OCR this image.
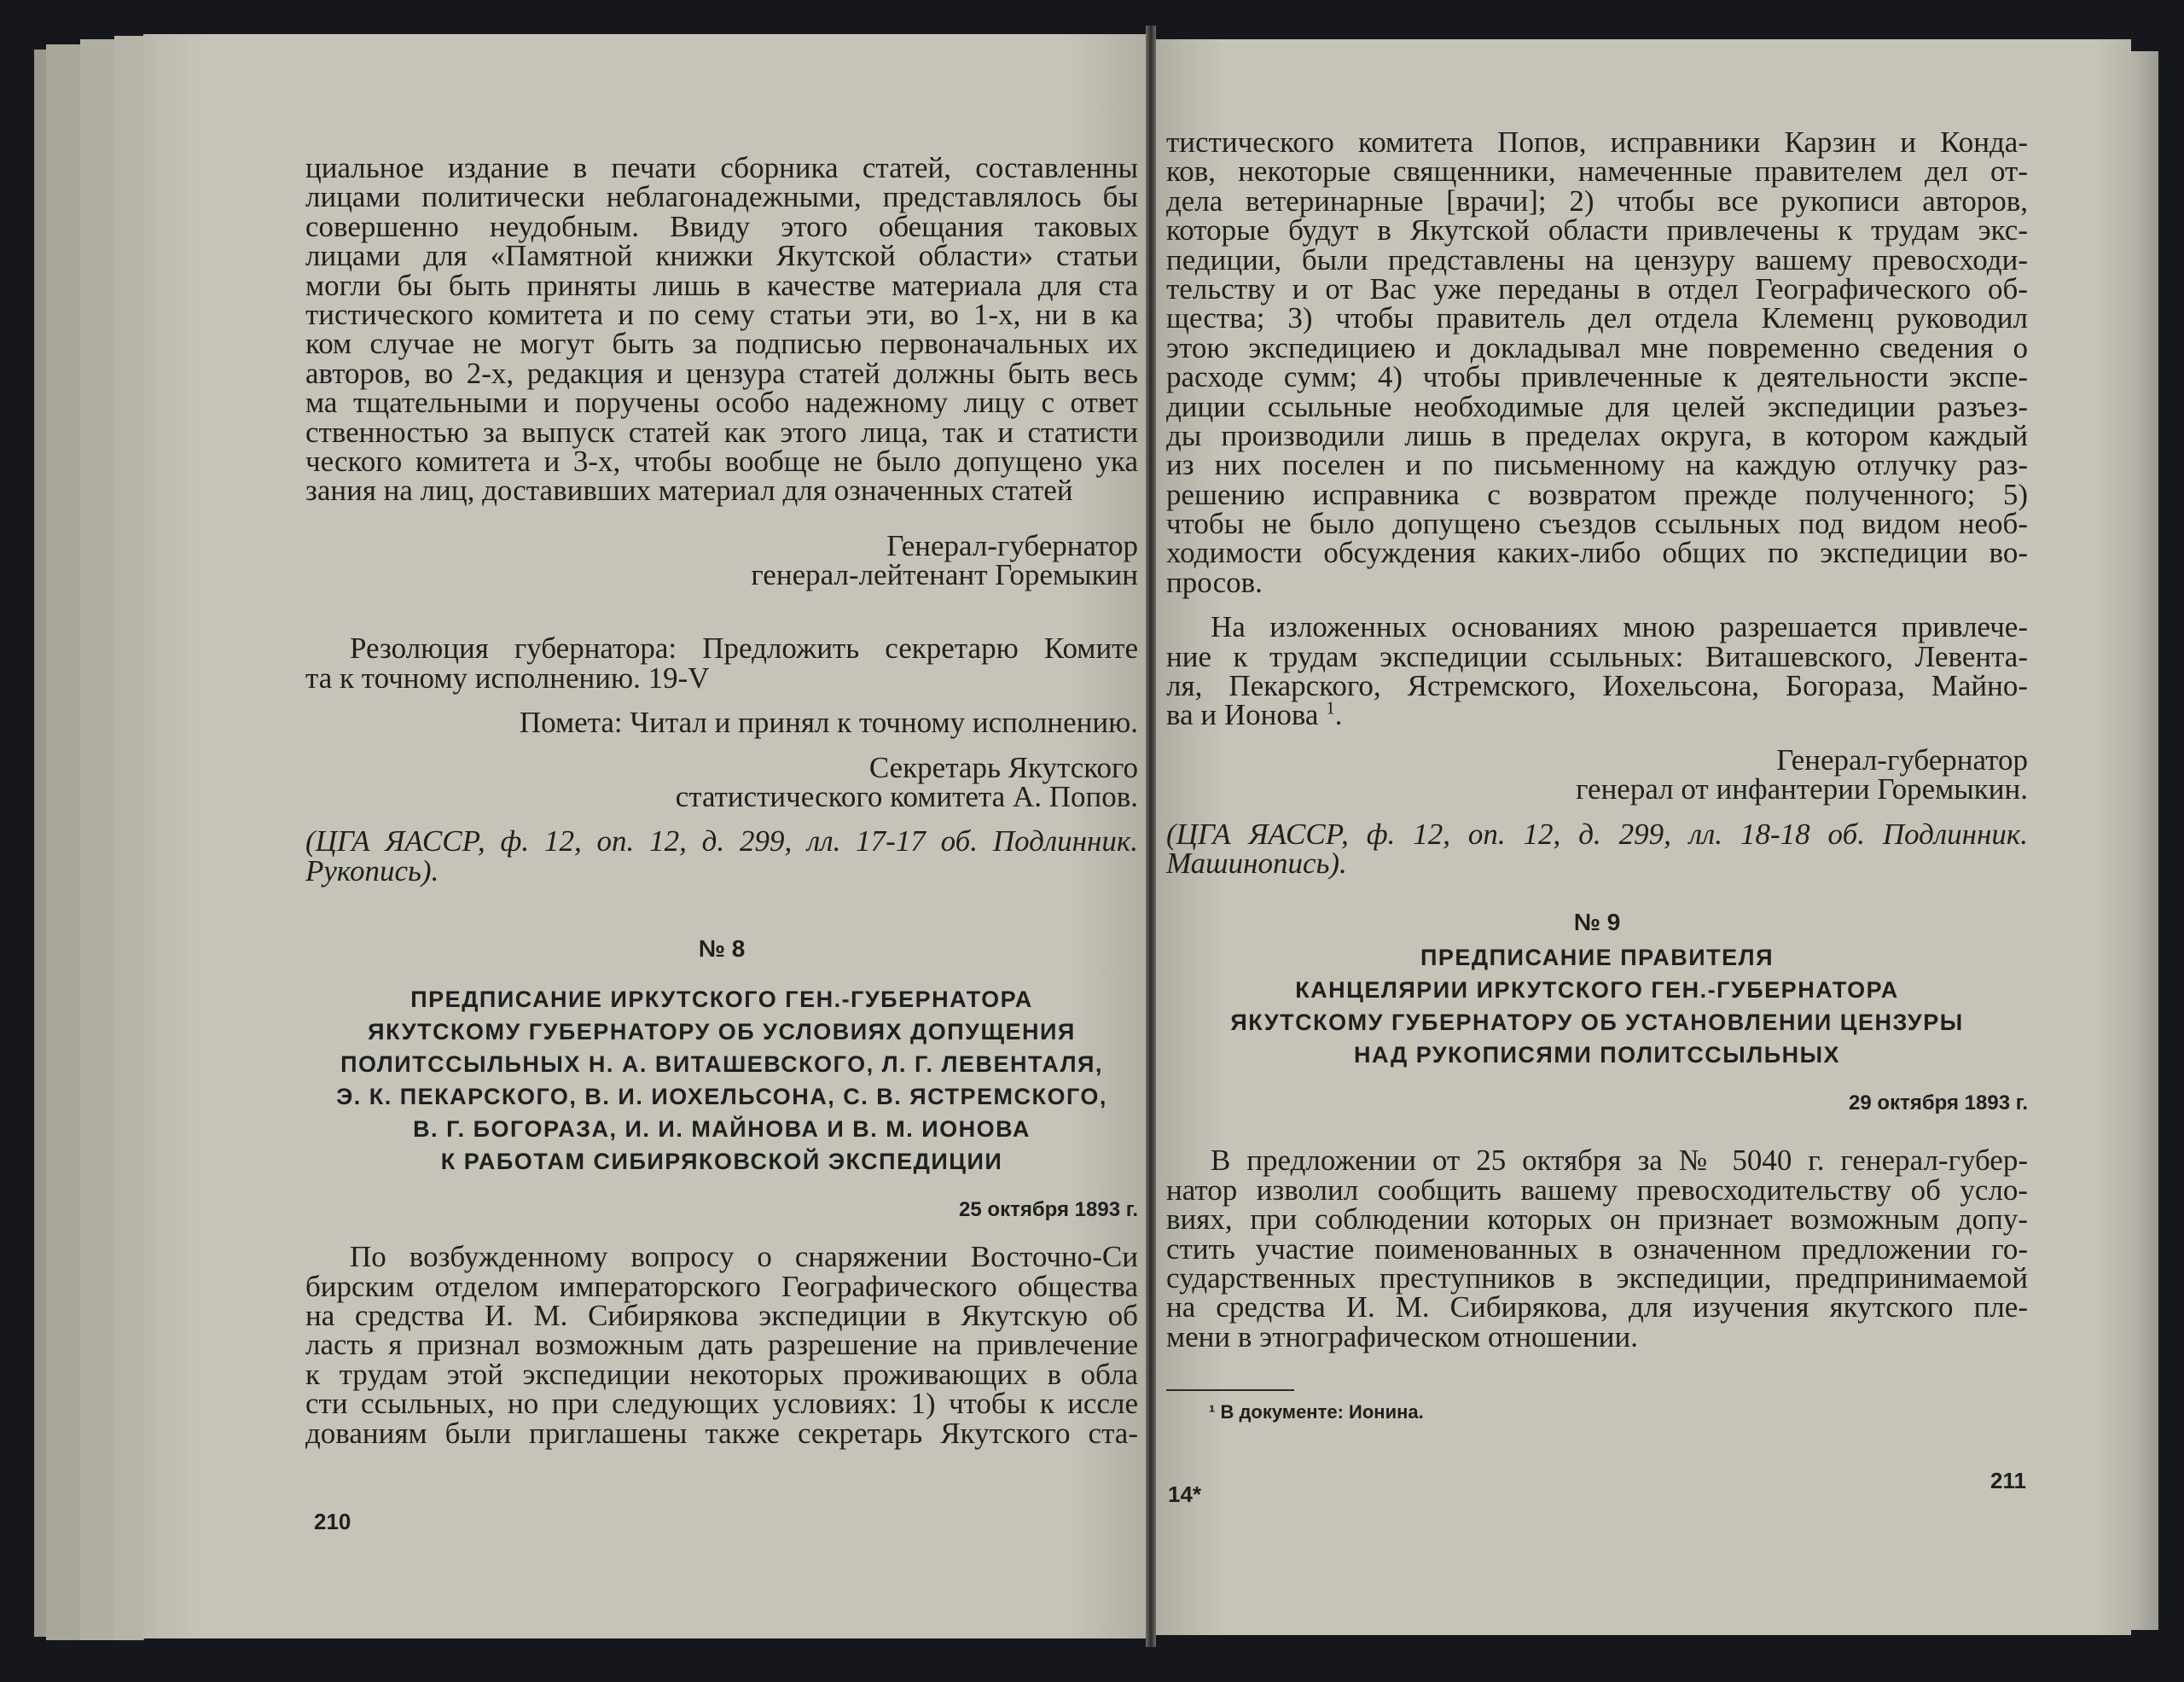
циальное издание в печати сборника статей, составленны

лицами политически неблагонадежными, представлялось бы

совершенно неудобным. Ввиду этого обещания таковых

лицами для «Памятной книжки Якутской области» статьи

могли бы быть приняты лишь в качестве материала для ста

тистического комитета и по сему статьи эти, во 1-х, ни в ка

ком случае не могут быть за подписью первоначальных их

авторов, во 2-х, редакция и цензура статей должны быть весь

ма тщательными и поручены особо надежному лицу с ответ

ственностью за выпуск статей как этого лица, так и статисти

ческого комитета и 3-х, чтобы вообще не было допущено ука

зания на лиц, доставивших материал для означенных статей

Генерал-губернатор

генерал-лейтенант Горемыкин

Резолюция губернатора: Предложить секретарю Комите

та к точному исполнению. 19-V

Помета: Читал и принял к точному исполнению.

Секретарь Якутского

статистического комитета А. Попов.

(ЦГА ЯАССР, ф. 12, оп. 12, д. 299, лл. 17-17 об. Подлинник.

Рукопись).

№ 8

ПРЕДПИСАНИЕ ИРКУТСКОГО ГЕН.-ГУБЕРНАТОРА

ЯКУТСКОМУ ГУБЕРНАТОРУ ОБ УСЛОВИЯХ ДОПУЩЕНИЯ

ПОЛИТССЫЛЬНЫХ Н. А. ВИТАШЕВСКОГО, Л. Г. ЛЕВЕНТАЛЯ,

Э. К. ПЕКАРСКОГО, В. И. ИОХЕЛЬСОНА, С. В. ЯСТРЕМСКОГО,

В. Г. БОГОРАЗА, И. И. МАЙНОВА И В. М. ИОНОВА

К РАБОТАМ СИБИРЯКОВСКОЙ ЭКСПЕДИЦИИ

25 октября 1893 г.

По возбужденному вопросу о снаряжении Восточно-Си

бирским отделом императорского Географического общества

на средства И. М. Сибирякова экспедиции в Якутскую об

ласть я признал возможным дать разрешение на привлечение

к трудам этой экспедиции некоторых проживающих в обла

сти ссыльных, но при следующих условиях: 1) чтобы к иссле

дованиям были приглашены также секретарь Якутского ста-

210

тистического комитета Попов, исправники Карзин и Конда-

ков, некоторые священники, намеченные правителем дел от-

дела ветеринарные [врачи]; 2) чтобы все рукописи авторов,

которые будут в Якутской области привлечены к трудам экс-

педиции, были представлены на цензуру вашему превосходи-

тельству и от Вас уже переданы в отдел Географического об-

щества; 3) чтобы правитель дел отдела Клеменц руководил

этою экспедициею и докладывал мне повременно сведения о

расходе сумм; 4) чтобы привлеченные к деятельности экспе-

диции ссыльные необходимые для целей экспедиции разъез-

ды производили лишь в пределах округа, в котором каждый

из них поселен и по письменному на каждую отлучку раз-

решению исправника с возвратом прежде полученного; 5)

чтобы не было допущено съездов ссыльных под видом необ-

ходимости обсуждения каких-либо общих по экспедиции во-

просов.

На изложенных основаниях мною разрешается привлече-

ние к трудам экспедиции ссыльных: Виташевского, Левента-

ля, Пекарского, Ястремского, Иохельсона, Богораза, Майно-

ва и Ионова $^1$.

Генерал-губернатор

генерал от инфантерии Горемыкин.

(ЦГА ЯАССР, ф. 12, оп. 12, д. 299, лл. 18-18 об. Подлинник.

Машинопись).

№ 9

ПРЕДПИСАНИЕ ПРАВИТЕЛЯ

КАНЦЕЛЯРИИ ИРКУТСКОГО ГЕН.-ГУБЕРНАТОРА

ЯКУТСКОМУ ГУБЕРНАТОРУ ОБ УСТАНОВЛЕНИИ ЦЕНЗУРЫ

НАД РУКОПИСЯМИ ПОЛИТССЫЛЬНЫХ

29 октября 1893 г.

В предложении от 25 октября за № 5040 г. генерал-губер-

натор изволил сообщить вашему превосходительству об усло-

виях, при соблюдении которых он признает возможным допу-

стить участие поименованных в означенном предложении го-

сударственных преступников в экспедиции, предпринимаемой

на средства И. М. Сибирякова, для изучения якутского пле-

мени в этнографическом отношении.

¹ В документе: Ионина.
14*
211
